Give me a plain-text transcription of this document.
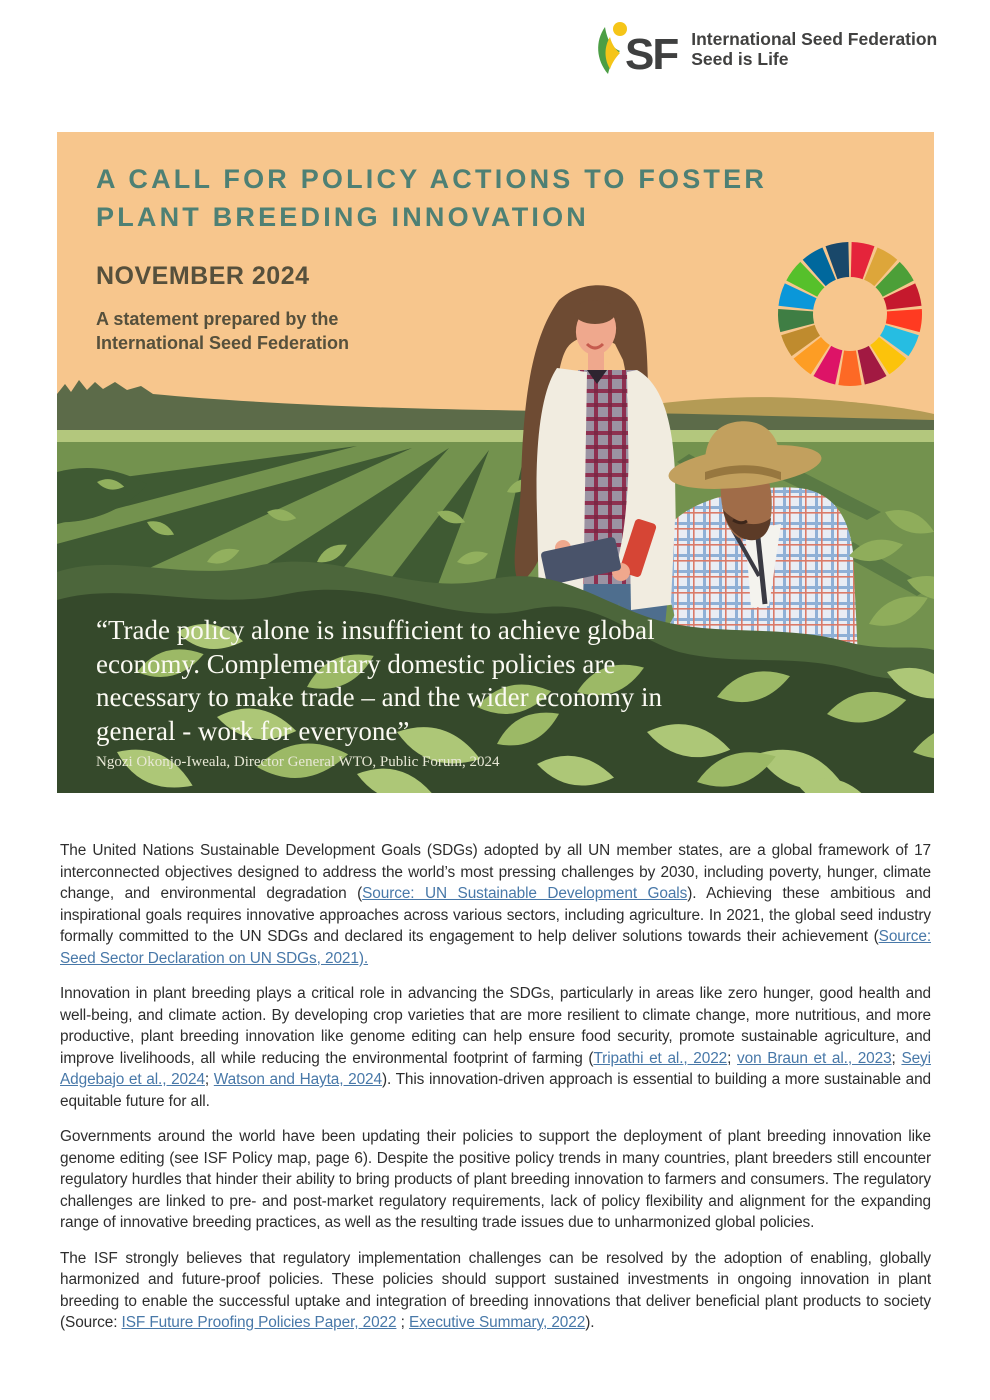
SF International Seed Federation
Seed is Life
A CALL FOR POLICY ACTIONS TO FOSTER
PLANT BREEDING INNOVATION
NOVEMBER 2024
A statement prepared by the International Seed Federation
“Trade policy alone is insufficient to achieve global economy. Complementary domestic policies are necessary to make trade – and the wider economy in general - work for everyone”
Ngozi Okonjo-Iweala, Director General WTO, Public Forum, 2024

The United Nations Sustainable Development Goals (SDGs) adopted by all UN member states, are a global framework of 17 interconnected objectives designed to address the world’s most pressing challenges by 2030, including poverty, hunger, climate change, and environmental degradation (Source: UN Sustainable Development Goals). Achieving these ambitious and inspirational goals requires innovative approaches across various sectors, including agriculture. In 2021, the global seed industry formally committed to the UN SDGs and declared its engagement to help deliver solutions towards their achievement (Source: Seed Sector Declaration on UN SDGs, 2021).

Innovation in plant breeding plays a critical role in advancing the SDGs, particularly in areas like zero hunger, good health and well-being, and climate action. By developing crop varieties that are more resilient to climate change, more nutritious, and more productive, plant breeding innovation like genome editing can help ensure food security, promote sustainable agriculture, and improve livelihoods, all while reducing the environmental footprint of farming (Tripathi et al., 2022; von Braun et al., 2023; Seyi Adgebajo et al., 2024; Watson and Hayta, 2024). This innovation-driven approach is essential to building a more sustainable and equitable future for all.

Governments around the world have been updating their policies to support the deployment of plant breeding innovation like genome editing (see ISF Policy map, page 6). Despite the positive policy trends in many countries, plant breeders still encounter regulatory hurdles that hinder their ability to bring products of plant breeding innovation to farmers and consumers. The regulatory challenges are linked to pre- and post-market regulatory requirements, lack of policy flexibility and alignment for the expanding range of innovative breeding practices, as well as the resulting trade issues due to unharmonized global policies.

The ISF strongly believes that regulatory implementation challenges can be resolved by the adoption of enabling, globally harmonized and future-proof policies. These policies should support sustained investments in ongoing innovation in plant breeding to enable the successful uptake and integration of breeding innovations that deliver beneficial plant products to society (Source: ISF Future Proofing Policies Paper, 2022 ; Executive Summary, 2022).
